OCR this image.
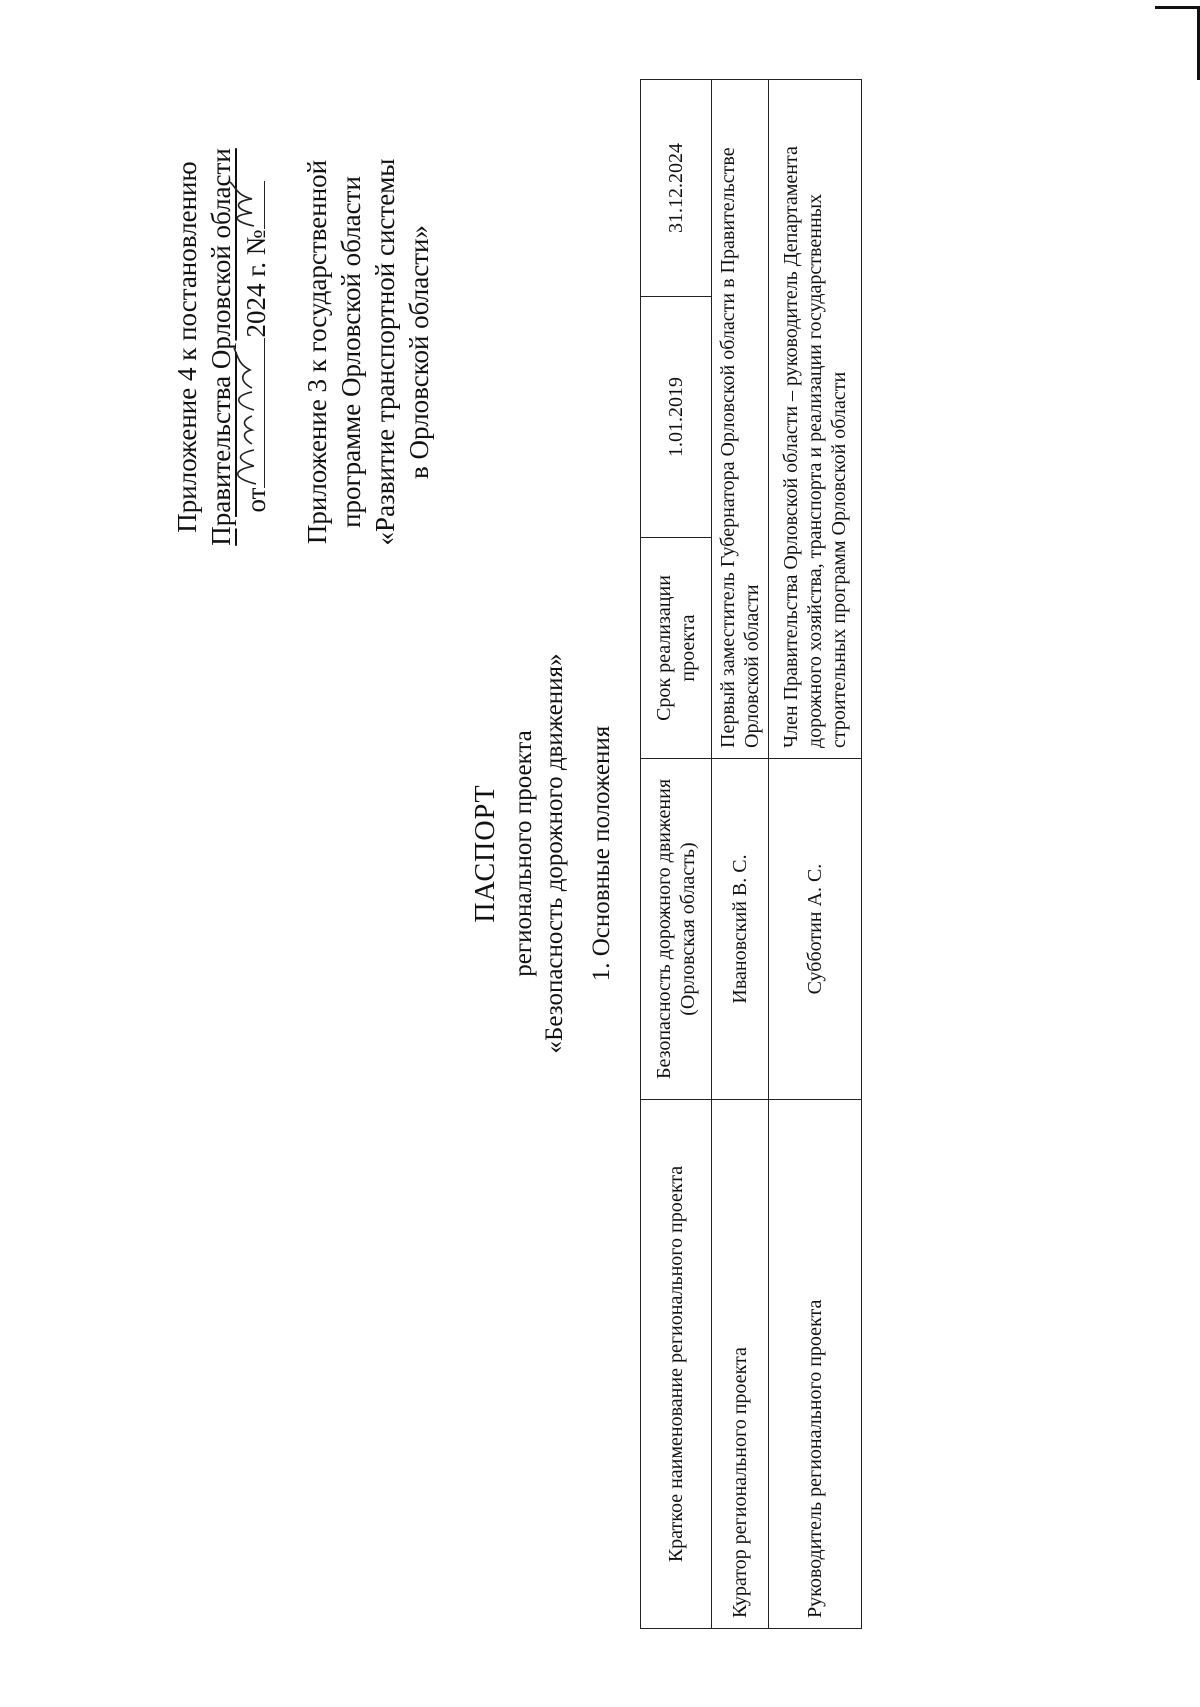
Приложение 4 к постановлению Правительства Орловской области от
2024 г. № Приложение 3 к государственной программе Орловской области «Развитие транспортной системы в Орловской области»
ПАСПОРТ регионального проекта «Безопасность дорожного движения» 1. Основные положения
Краткое наименование регионального проекта	Безопасность дорожного движения (Орловская область)	Срок реализации проекта	1.01.2019	31.12.2024
Куратор регионального проекта	Ивановский В. С.	Первый заместитель Губернатора Орловской области в Правительстве Орловской области		
Руководитель регионального проекта	Субботин А. С.	Член Правительства Орловской области – руководитель Департамента дорожного хозяйства, транспорта и реализации государственных строительных программ Орловской области		
